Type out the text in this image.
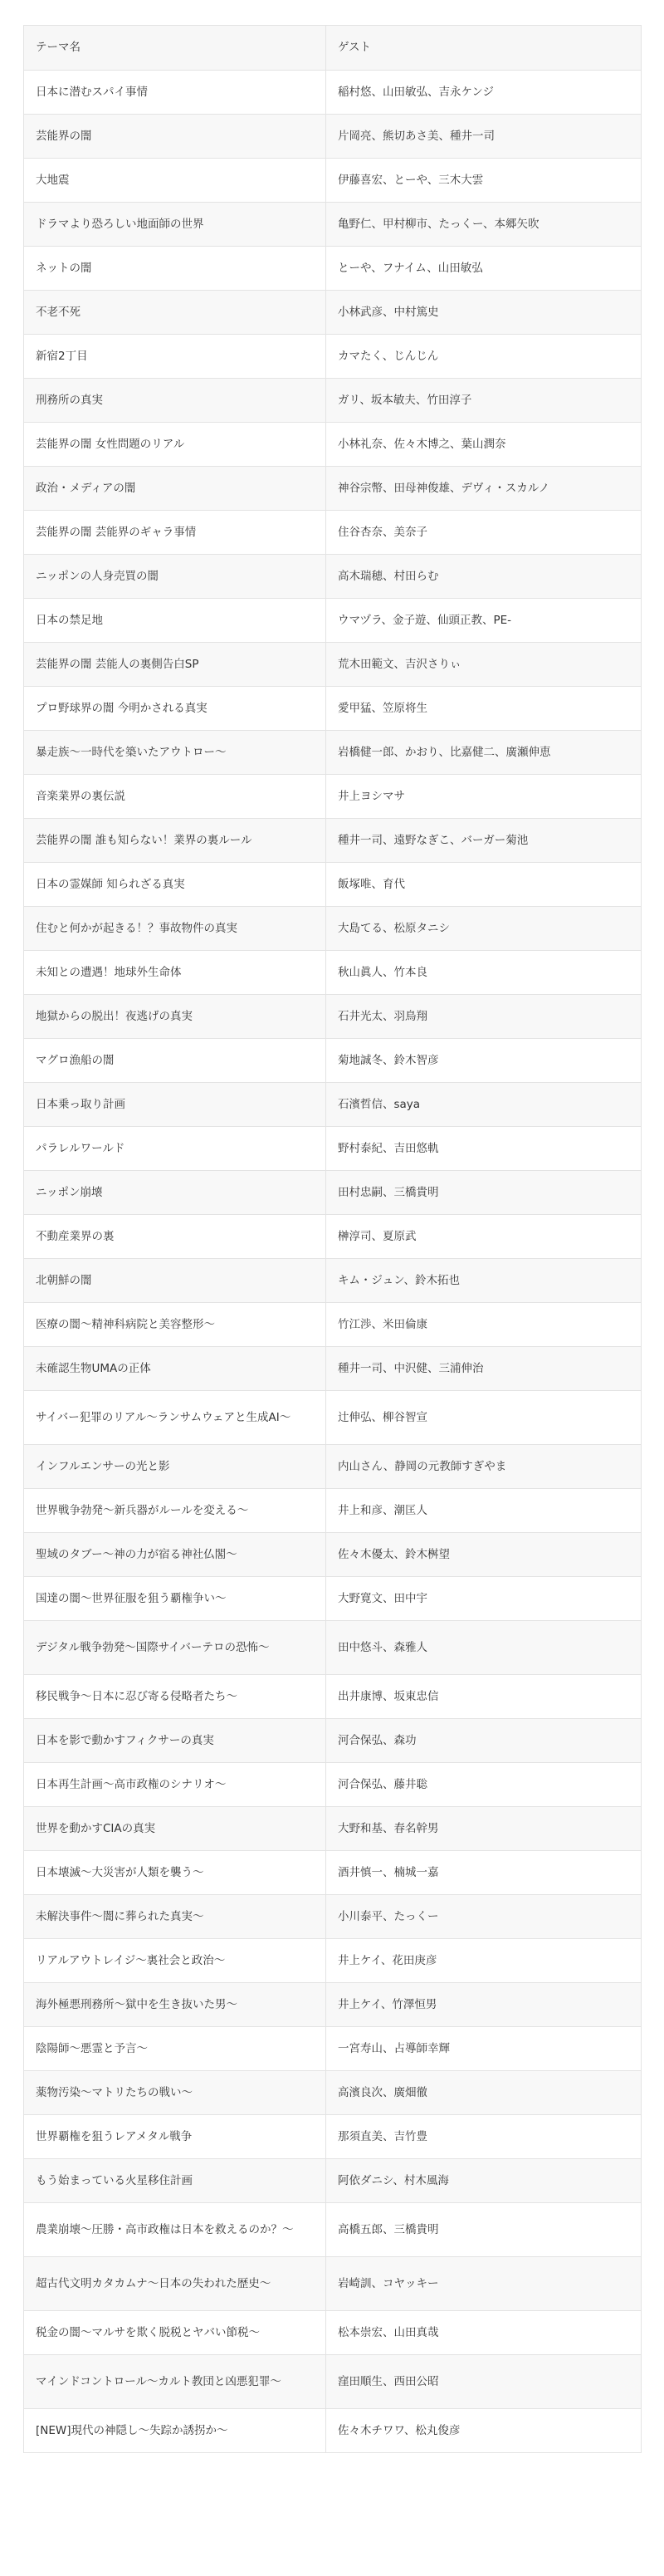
テーマ名	ゲスト
日本に潜むスパイ事情	稲村悠、山田敏弘、吉永ケンジ
芸能界の闇	片岡亮、熊切あさ美、種井一司
大地震	伊藤喜宏、とーや、三木大雲
ドラマより恐ろしい地面師の世界	亀野仁、甲村柳市、たっくー、本郷矢吹
ネットの闇	とーや、フナイム、山田敏弘
不老不死	小林武彦、中村篤史
新宿2丁目	カマたく、じんじん
刑務所の真実	ガリ、坂本敏夫、竹田淳子
芸能界の闇 女性問題のリアル	小林礼奈、佐々木博之、葉山潤奈
政治・メディアの闇	神谷宗幣、田母神俊雄、デヴィ・スカルノ
芸能界の闇 芸能界のギャラ事情	住谷杏奈、美奈子
ニッポンの人身売買の闇	高木瑞穂、村田らむ
日本の禁足地	ウマヅラ、金子遊、仙頭正教、PE-
芸能界の闇 芸能人の裏側告白SP	荒木田範文、吉沢さりぃ
プロ野球界の闇 今明かされる真実	愛甲猛、笠原将生
暴走族〜一時代を築いたアウトロー〜	岩橋健一郎、かおり、比嘉健二、廣瀬伸恵
音楽業界の裏伝説	井上ヨシマサ
芸能界の闇 誰も知らない！業界の裏ルール	種井一司、遠野なぎこ、バーガー菊池
日本の霊媒師 知られざる真実	飯塚唯、育代
住むと何かが起きる！？事故物件の真実	大島てる、松原タニシ
未知との遭遇！地球外生命体	秋山眞人、竹本良
地獄からの脱出！夜逃げの真実	石井光太、羽鳥翔
マグロ漁船の闇	菊地誠冬、鈴木智彦
日本乗っ取り計画	石濱哲信、saya
パラレルワールド	野村泰紀、吉田悠軌
ニッポン崩壊	田村忠嗣、三橋貴明
不動産業界の裏	榊淳司、夏原武
北朝鮮の闇	キム・ジュン、鈴木拓也
医療の闇〜精神科病院と美容整形〜	竹江渉、米田倫康
未確認生物UMAの正体	種井一司、中沢健、三浦伸治
サイバー犯罪のリアル〜ランサムウェアと生成AI〜	辻伸弘、柳谷智宣
インフルエンサーの光と影	内山さん、静岡の元教師すぎやま
世界戦争勃発〜新兵器がルールを変える〜	井上和彦、潮匡人
聖域のタブー〜神の力が宿る神社仏閣〜	佐々木優太、鈴木桝望
国達の闇〜世界征服を狙う覇権争い〜	大野寛文、田中宇
デジタル戦争勃発〜国際サイバーテロの恐怖〜	田中悠斗、森雅人
移民戦争〜日本に忍び寄る侵略者たち〜	出井康博、坂東忠信
日本を影で動かすフィクサーの真実	河合保弘、森功
日本再生計画〜高市政権のシナリオ〜	河合保弘、藤井聡
世界を動かすCIAの真実	大野和基、春名幹男
日本壊滅〜大災害が人類を襲う〜	酒井慎一、楠城一嘉
未解決事件〜闇に葬られた真実〜	小川泰平、たっくー
リアルアウトレイジ〜裏社会と政治〜	井上ケイ、花田庚彦
海外極悪刑務所〜獄中を生き抜いた男〜	井上ケイ、竹澤恒男
陰陽師〜悪霊と予言〜	一宮寿山、占導師幸輝
薬物汚染〜マトリたちの戦い〜	高濱良次、廣畑徹
世界覇権を狙うレアメタル戦争	那須直美、吉竹豊
もう始まっている火星移住計画	阿依ダニシ、村木風海
農業崩壊〜圧勝・高市政権は日本を救えるのか？〜	高橋五郎、三橋貴明
超古代文明カタカムナ〜日本の失われた歴史〜	岩崎訓、コヤッキー
税金の闇〜マルサを欺く脱税とヤバい節税〜	松本崇宏、山田真哉
マインドコントロール〜カルト教団と凶悪犯罪〜	窪田順生、西田公昭
[NEW]現代の神隠し〜失踪か誘拐か〜	佐々木チワワ、松丸俊彦
